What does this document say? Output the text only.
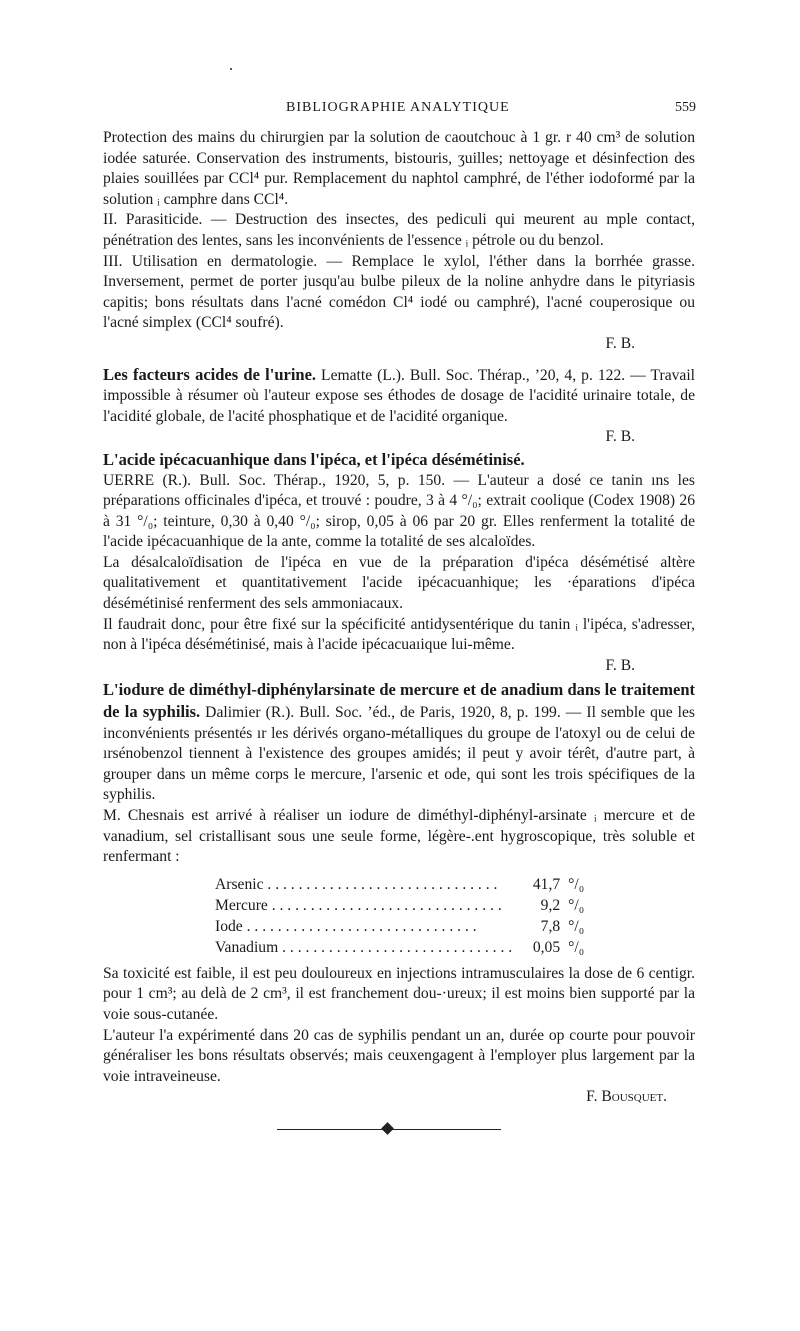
BIBLIOGRAPHIE ANALYTIQUE	559

Protection des mains du chirurgien par la solution de caoutchouc à 1 gr. r 40 cm³ de solution iodée saturée. Conservation des instruments, bistouris, ʒuilles; nettoyage et désinfection des plaies souillées par CCl⁴ pur. Remplacement du naphtol camphré, de l'éther iodoformé par la solution ᵢ camphre dans CCl⁴.

II. Parasiticide. — Destruction des insectes, des pediculi qui meurent au mple contact, pénétration des lentes, sans les inconvénients de l'essence ᵢ pétrole ou du benzol.

III. Utilisation en dermatologie. — Remplace le xylol, l'éther dans la borrhée grasse. Inversement, permet de porter jusqu'au bulbe pileux de la noline anhydre dans le pityriasis capitis; bons résultats dans l'acné comédon Cl⁴ iodé ou camphré), l'acné couperosique ou l'acné simplex (CCl⁴ soufré).

F. B.

Les facteurs acides de l'urine. Lematte (L.). Bull. Soc. Thérap., ʼ20, 4, p. 122. — Travail impossible à résumer où l'auteur expose ses éthodes de dosage de l'acidité urinaire totale, de l'acidité globale, de l'acité phosphatique et de l'acidité organique.

F. B.

L'acide ipécacuanhique dans l'ipéca, et l'ipéca désémétinisé.

UERRE (R.). Bull. Soc. Thérap., 1920, 5, p. 150. — L'auteur a dosé ce tanin ıns les préparations officinales d'ipéca, et trouvé : poudre, 3 à 4 °/₀; extrait coolique (Codex 1908) 26 à 31 °/₀; teinture, 0,30 à 0,40 °/₀; sirop, 0,05 à 06 par 20 gr. Elles renferment la totalité de l'acide ipécacuanhique de la ante, comme la totalité de ses alcaloïdes.

La désalcaloïdisation de l'ipéca en vue de la préparation d'ipéca désémétisé altère qualitativement et quantitativement l'acide ipécacuanhique; les ·éparations d'ipéca désémétinisé renferment des sels ammoniacaux.

Il faudrait donc, pour être fixé sur la spécificité antidysentérique du tanin ᵢ l'ipéca, s'adresser, non à l'ipéca désémétinisé, mais à l'acide ipécacuaıique lui-même.

F. B.

L'iodure de diméthyl-diphénylarsinate de mercure et de anadium dans le traitement de la syphilis. Dalimier (R.). Bull. Soc. ʼéd., de Paris, 1920, 8, p. 199. — Il semble que les inconvénients présentés ır les dérivés organo-métalliques du groupe de l'atoxyl ou de celui de ırsénobenzol tiennent à l'existence des groupes amidés; il peut y avoir térêt, d'autre part, à grouper dans un même corps le mercure, l'arsenic et ode, qui sont les trois spécifiques de la syphilis.

M. Chesnais est arrivé à réaliser un iodure de diméthyl-diphényl-arsinate ᵢ mercure et de vanadium, sel cristallisant sous une seule forme, légère-.ent hygroscopique, très soluble et renfermant :

Arsenic . . .	41,7	°/₀
Mercure . . .	9,2	°/₀
Iode . . .	7,8	°/₀
Vanadium . . .	0,05	°/₀

Sa toxicité est faible, il est peu douloureux en injections intramusculaires la dose de 6 centigr. pour 1 cm³; au delà de 2 cm³, il est franchement dou-·ureux; il est moins bien supporté par la voie sous-cutanée.

L'auteur l'a expérimenté dans 20 cas de syphilis pendant un an, durée op courte pour pouvoir généraliser les bons résultats observés; mais ceuxengagent à l'employer plus largement par la voie intraveineuse.

F. Bousquet.
